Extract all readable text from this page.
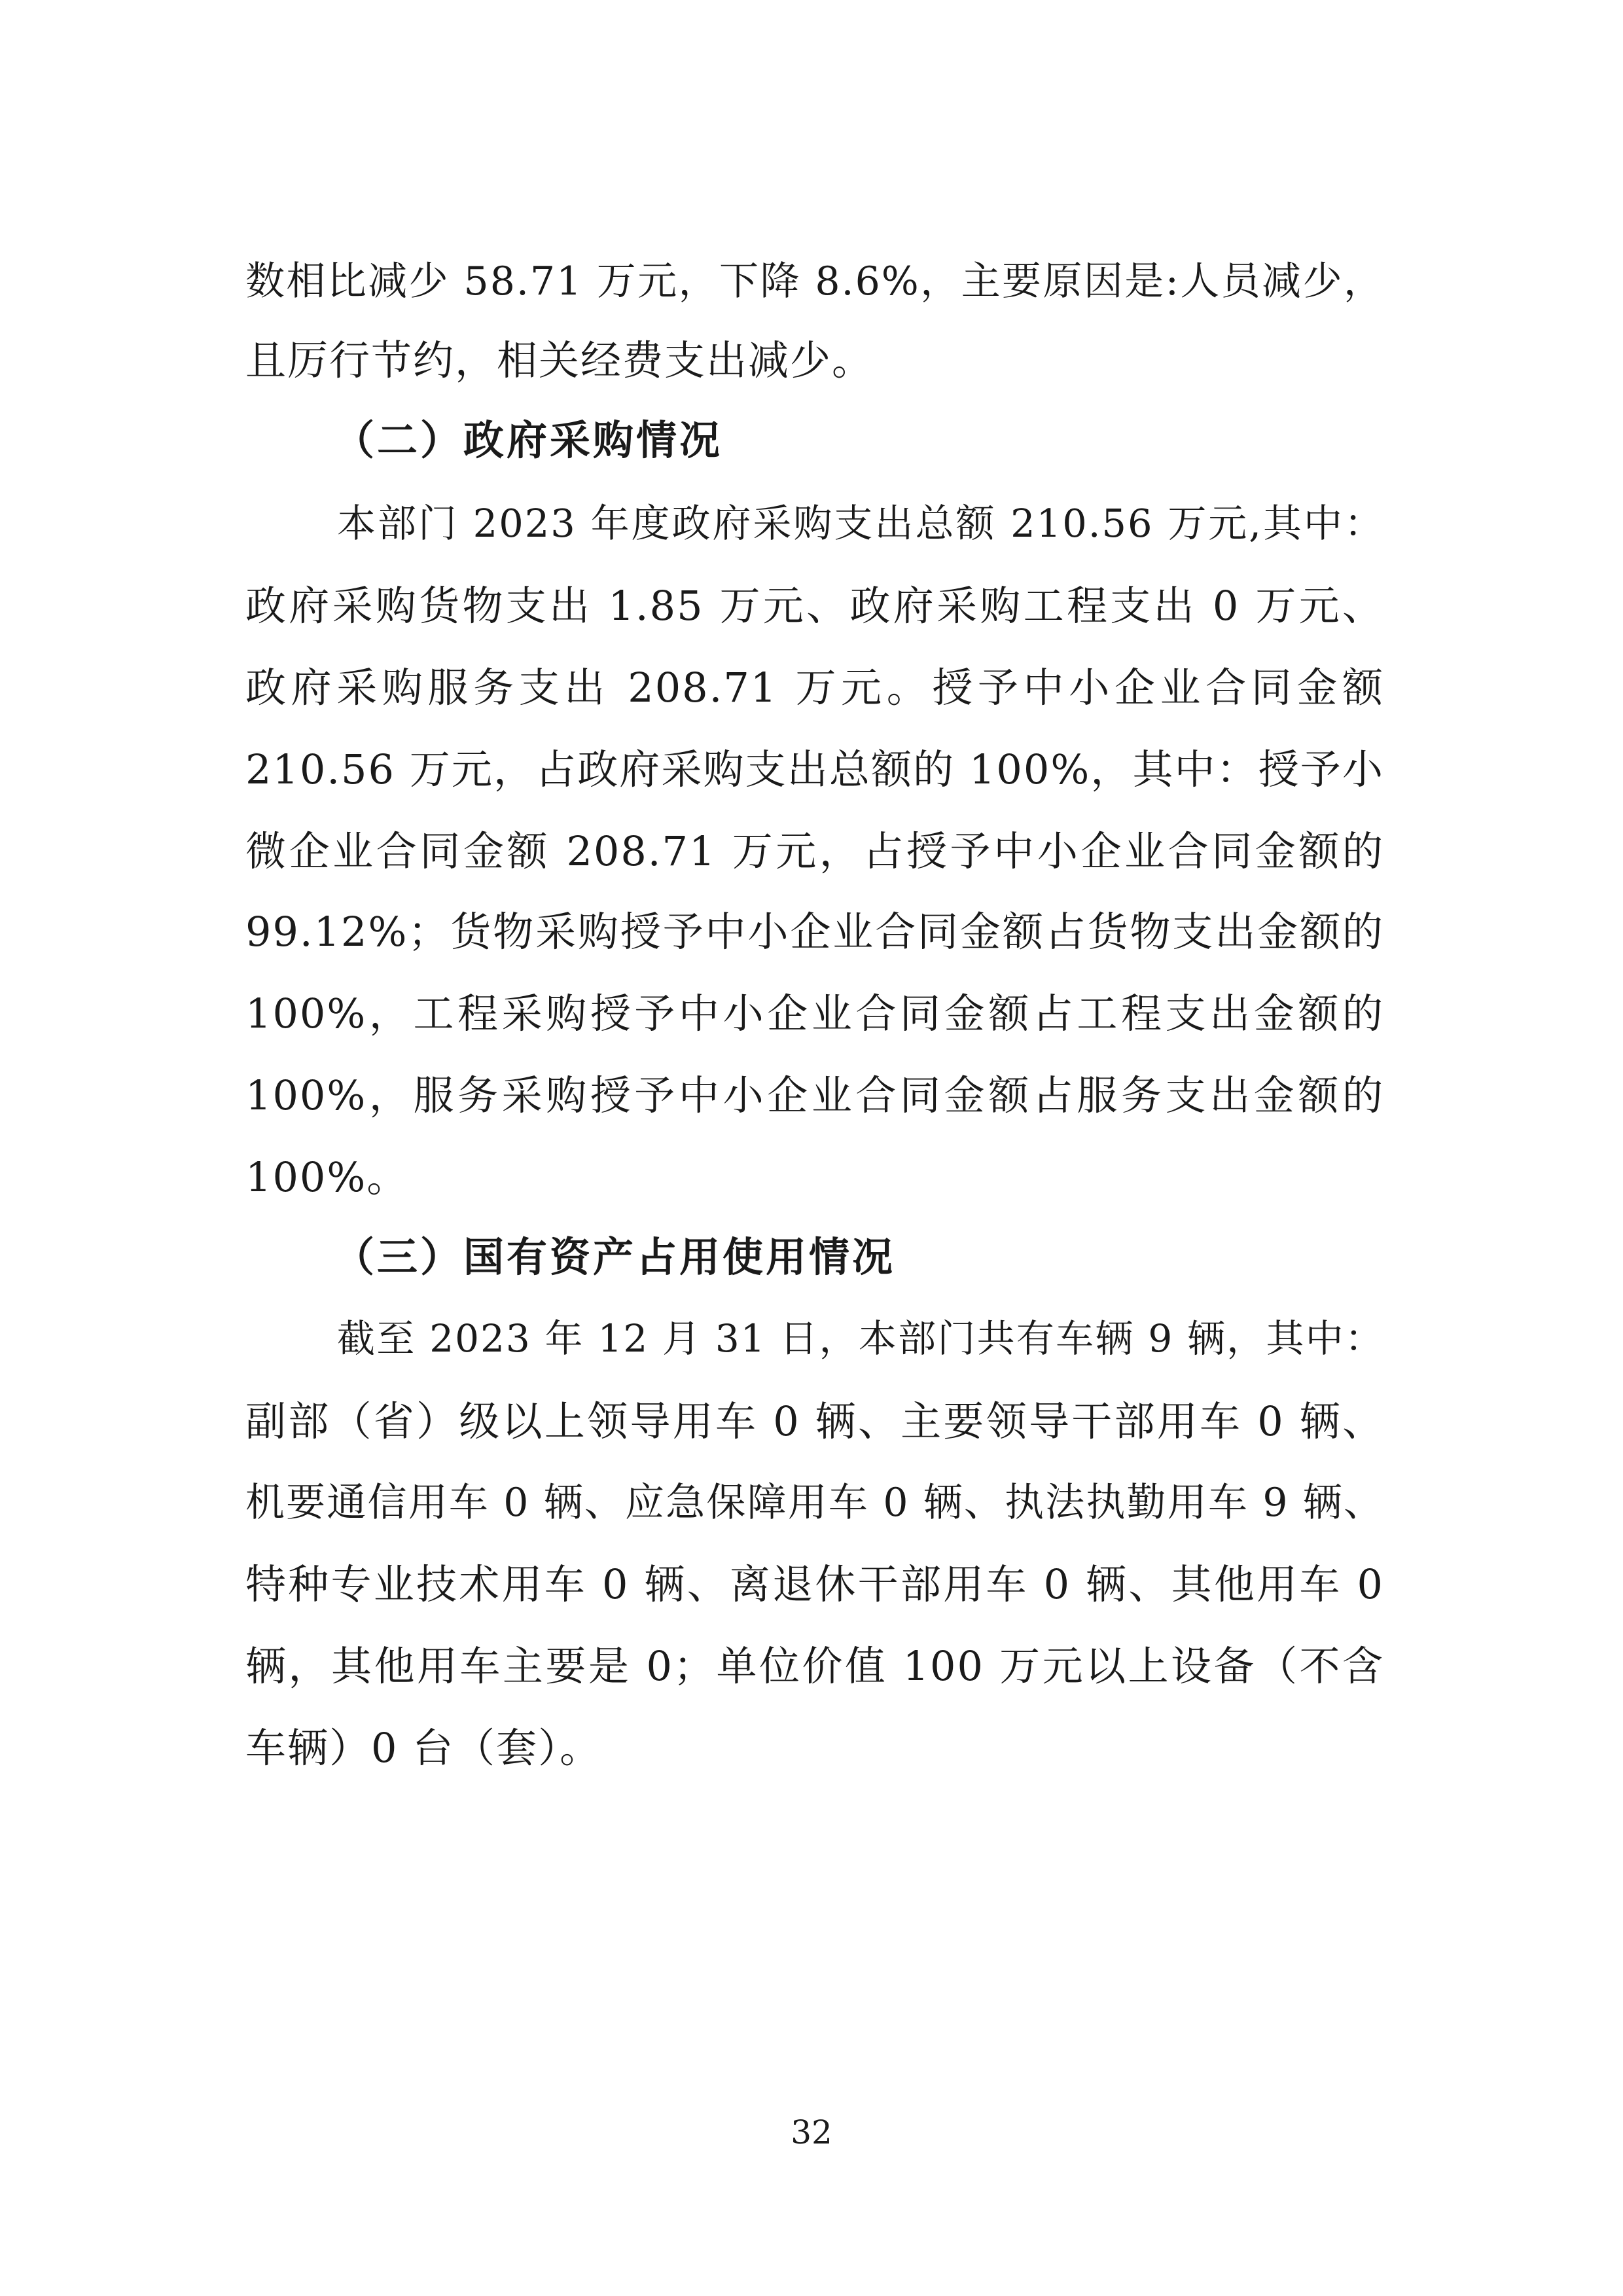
数相比减少 58.71 万元，下降 8.6%，主要原因是:人员减少，
且厉行节约，相关经费支出减少。
（二）政府采购情况
本部门 2023 年度政府采购支出总额 210.56 万元,其中：
政府采购货物支出 1.85 万元、政府采购工程支出 0 万元、
政府采购服务支出 208.71 万元。授予中小企业合同金额
210.56 万元，占政府采购支出总额的 100%，其中：授予小
微企业合同金额 208.71 万元，占授予中小企业合同金额的
99.12%；货物采购授予中小企业合同金额占货物支出金额的
100%，工程采购授予中小企业合同金额占工程支出金额的
100%，服务采购授予中小企业合同金额占服务支出金额的
100%。
（三）国有资产占用使用情况
截至 2023 年 12 月 31 日，本部门共有车辆 9 辆，其中：
副部（省）级以上领导用车 0 辆、主要领导干部用车 0 辆、
机要通信用车 0 辆、应急保障用车 0 辆、执法执勤用车 9 辆、
特种专业技术用车 0 辆、离退休干部用车 0 辆、其他用车 0
辆，其他用车主要是 0；单位价值 100 万元以上设备（不含
车辆）0 台（套）。
32
